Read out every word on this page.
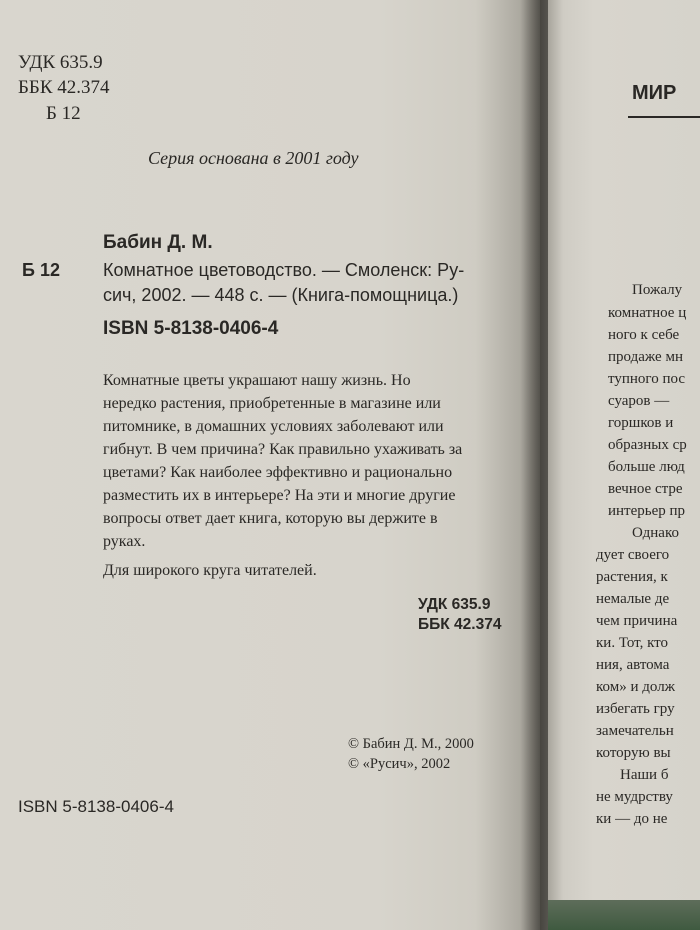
УДК 635.9
ББК 42.374
Б 12
Серия основана в 2001 году
Бабин Д. М.
Б 12 Комнатное цветоводство. — Смоленск: Ру-
сич, 2002. — 448 с. — (Книга-помощница.)
ISBN 5-8138-0406-4
Комнатные цветы украшают нашу жизнь. Но
нередко растения, приобретенные в магазине или
питомнике, в домашних условиях заболевают или
гибнут. В чем причина? Как правильно ухаживать за
цветами? Как наиболее эффективно и рационально
разместить их в интерьере? На эти и многие другие
вопросы ответ дает книга, которую вы держите в
руках.
Для широкого круга читателей.
УДК 635.9
ББК 42.374
© Бабин Д. М., 2000
© «Русич», 2002
ISBN 5-8138-0406-4
МИР
Пожалу
комнатное ц
ного к себе
продаже мн
тупного пос
суаров —
горшков и
образных ср
больше люд
вечное стре
интерьер пр
Однако
дует своего
растения, к
немалые де
чем причина
ки. Тот, кто
ния, автома
ком» и долж
избегать гру
замечательн
которую вы
Наши б
не мудрству
ки — до не
